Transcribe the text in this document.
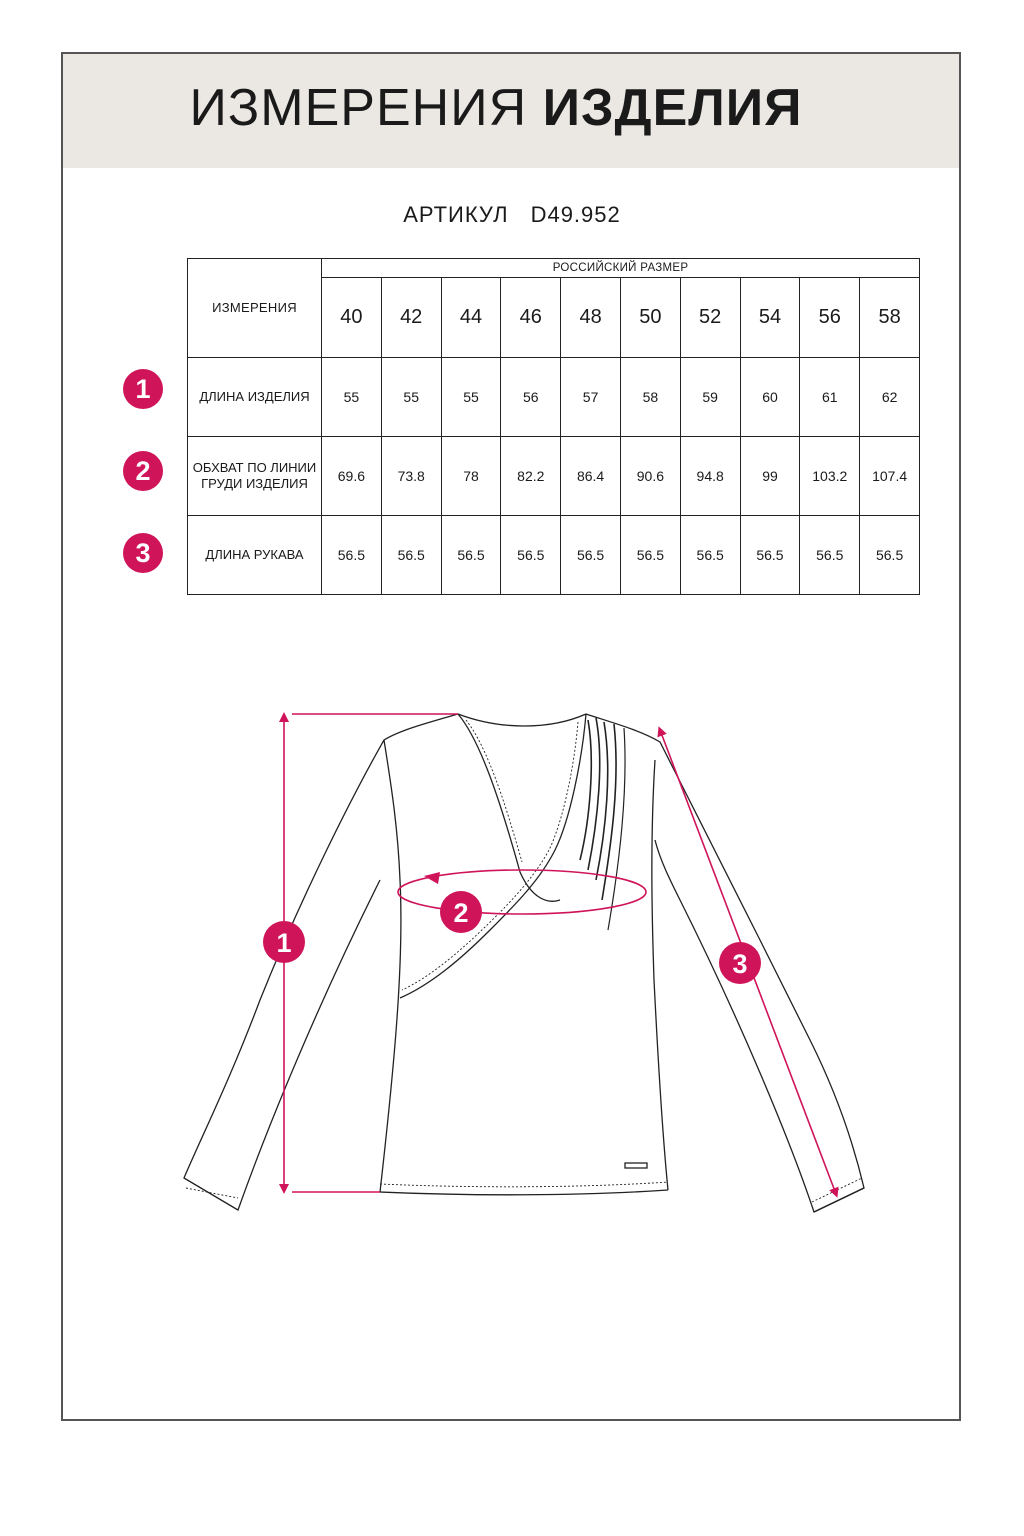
ИЗМЕРЕНИЯ ИЗДЕЛИЯ
АРТИКУЛ D49.952
ИЗМЕРЕНИЯ	РОССИЙСКИЙ РАЗМЕР									
	40	42	44	46	48	50	52	54	56	58
ДЛИНА ИЗДЕЛИЯ	55	55	55	56	57	58	59	60	61	62
ОБХВАТ ПО ЛИНИИ ГРУДИ ИЗДЕЛИЯ	69.6	73.8	78	82.2	86.4	90.6	94.8	99	103.2	107.4
ДЛИНА РУКАВА	56.5	56.5	56.5	56.5	56.5	56.5	56.5	56.5	56.5	56.5
1
2
3
1
2
3
